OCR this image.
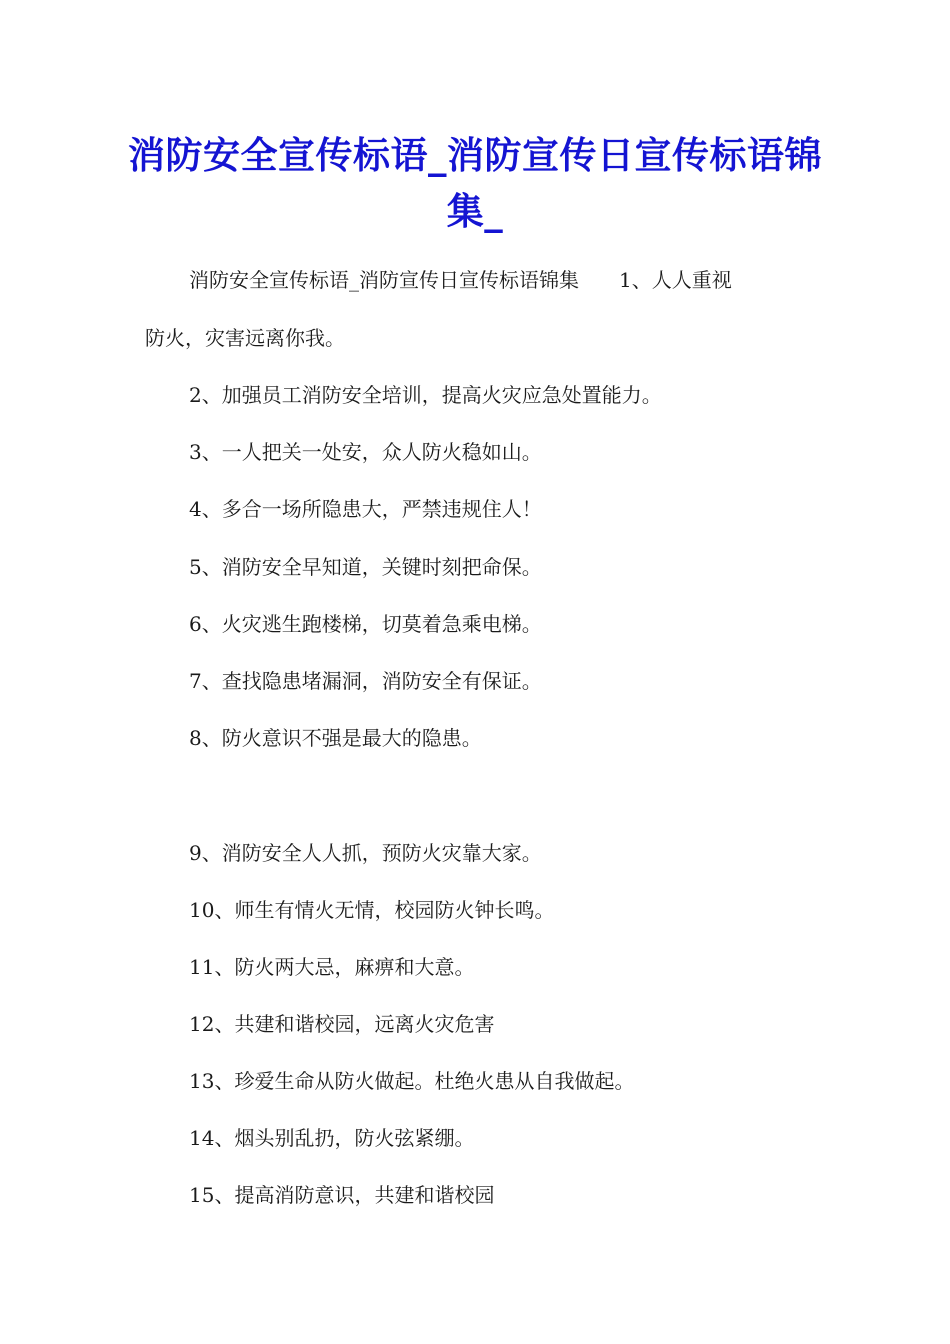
消防安全宣传标语_消防宣传日宣传标语锦集_

消防安全宣传标语_消防宣传日宣传标语锦集 1、人人重视

防火，灾害远离你我。

2、加强员工消防安全培训，提高火灾应急处置能力。

3、一人把关一处安，众人防火稳如山。

4、多合一场所隐患大，严禁违规住人！

5、消防安全早知道，关键时刻把命保。

6、火灾逃生跑楼梯，切莫着急乘电梯。

7、查找隐患堵漏洞，消防安全有保证。

8、防火意识不强是最大的隐患。

9、消防安全人人抓，预防火灾靠大家。

10、师生有情火无情，校园防火钟长鸣。

11、防火两大忌，麻痹和大意。

12、共建和谐校园，远离火灾危害

13、珍爱生命从防火做起。杜绝火患从自我做起。

14、烟头别乱扔，防火弦紧绷。

15、提高消防意识，共建和谐校园
